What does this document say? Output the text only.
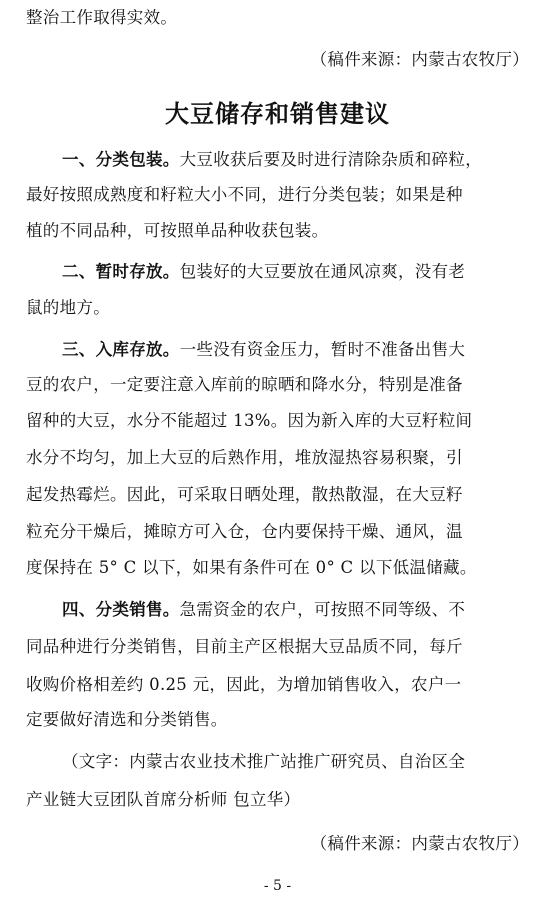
整治工作取得实效。
（稿件来源：内蒙古农牧厅）
大豆储存和销售建议
一、分类包装。大豆收获后要及时进行清除杂质和碎粒，
最好按照成熟度和籽粒大小不同，进行分类包装；如果是种
植的不同品种，可按照单品种收获包装。
二、暂时存放。包装好的大豆要放在通风凉爽，没有老
鼠的地方。
三、入库存放。一些没有资金压力，暂时不准备出售大
豆的农户，一定要注意入库前的晾晒和降水分，特别是准备
留种的大豆，水分不能超过 13%。因为新入库的大豆籽粒间
水分不均匀，加上大豆的后熟作用，堆放湿热容易积聚，引
起发热霉烂。因此，可采取日晒处理，散热散湿，在大豆籽
粒充分干燥后，摊晾方可入仓，仓内要保持干燥、通风，温
度保持在 5° C 以下，如果有条件可在 0° C 以下低温储藏。
四、分类销售。急需资金的农户，可按照不同等级、不
同品种进行分类销售，目前主产区根据大豆品质不同，每斤
收购价格相差约 0.25 元，因此，为增加销售收入，农户一
定要做好清选和分类销售。
（文字：内蒙古农业技术推广站推广研究员、自治区全
产业链大豆团队首席分析师 包立华）
（稿件来源：内蒙古农牧厅）
- 5 -
